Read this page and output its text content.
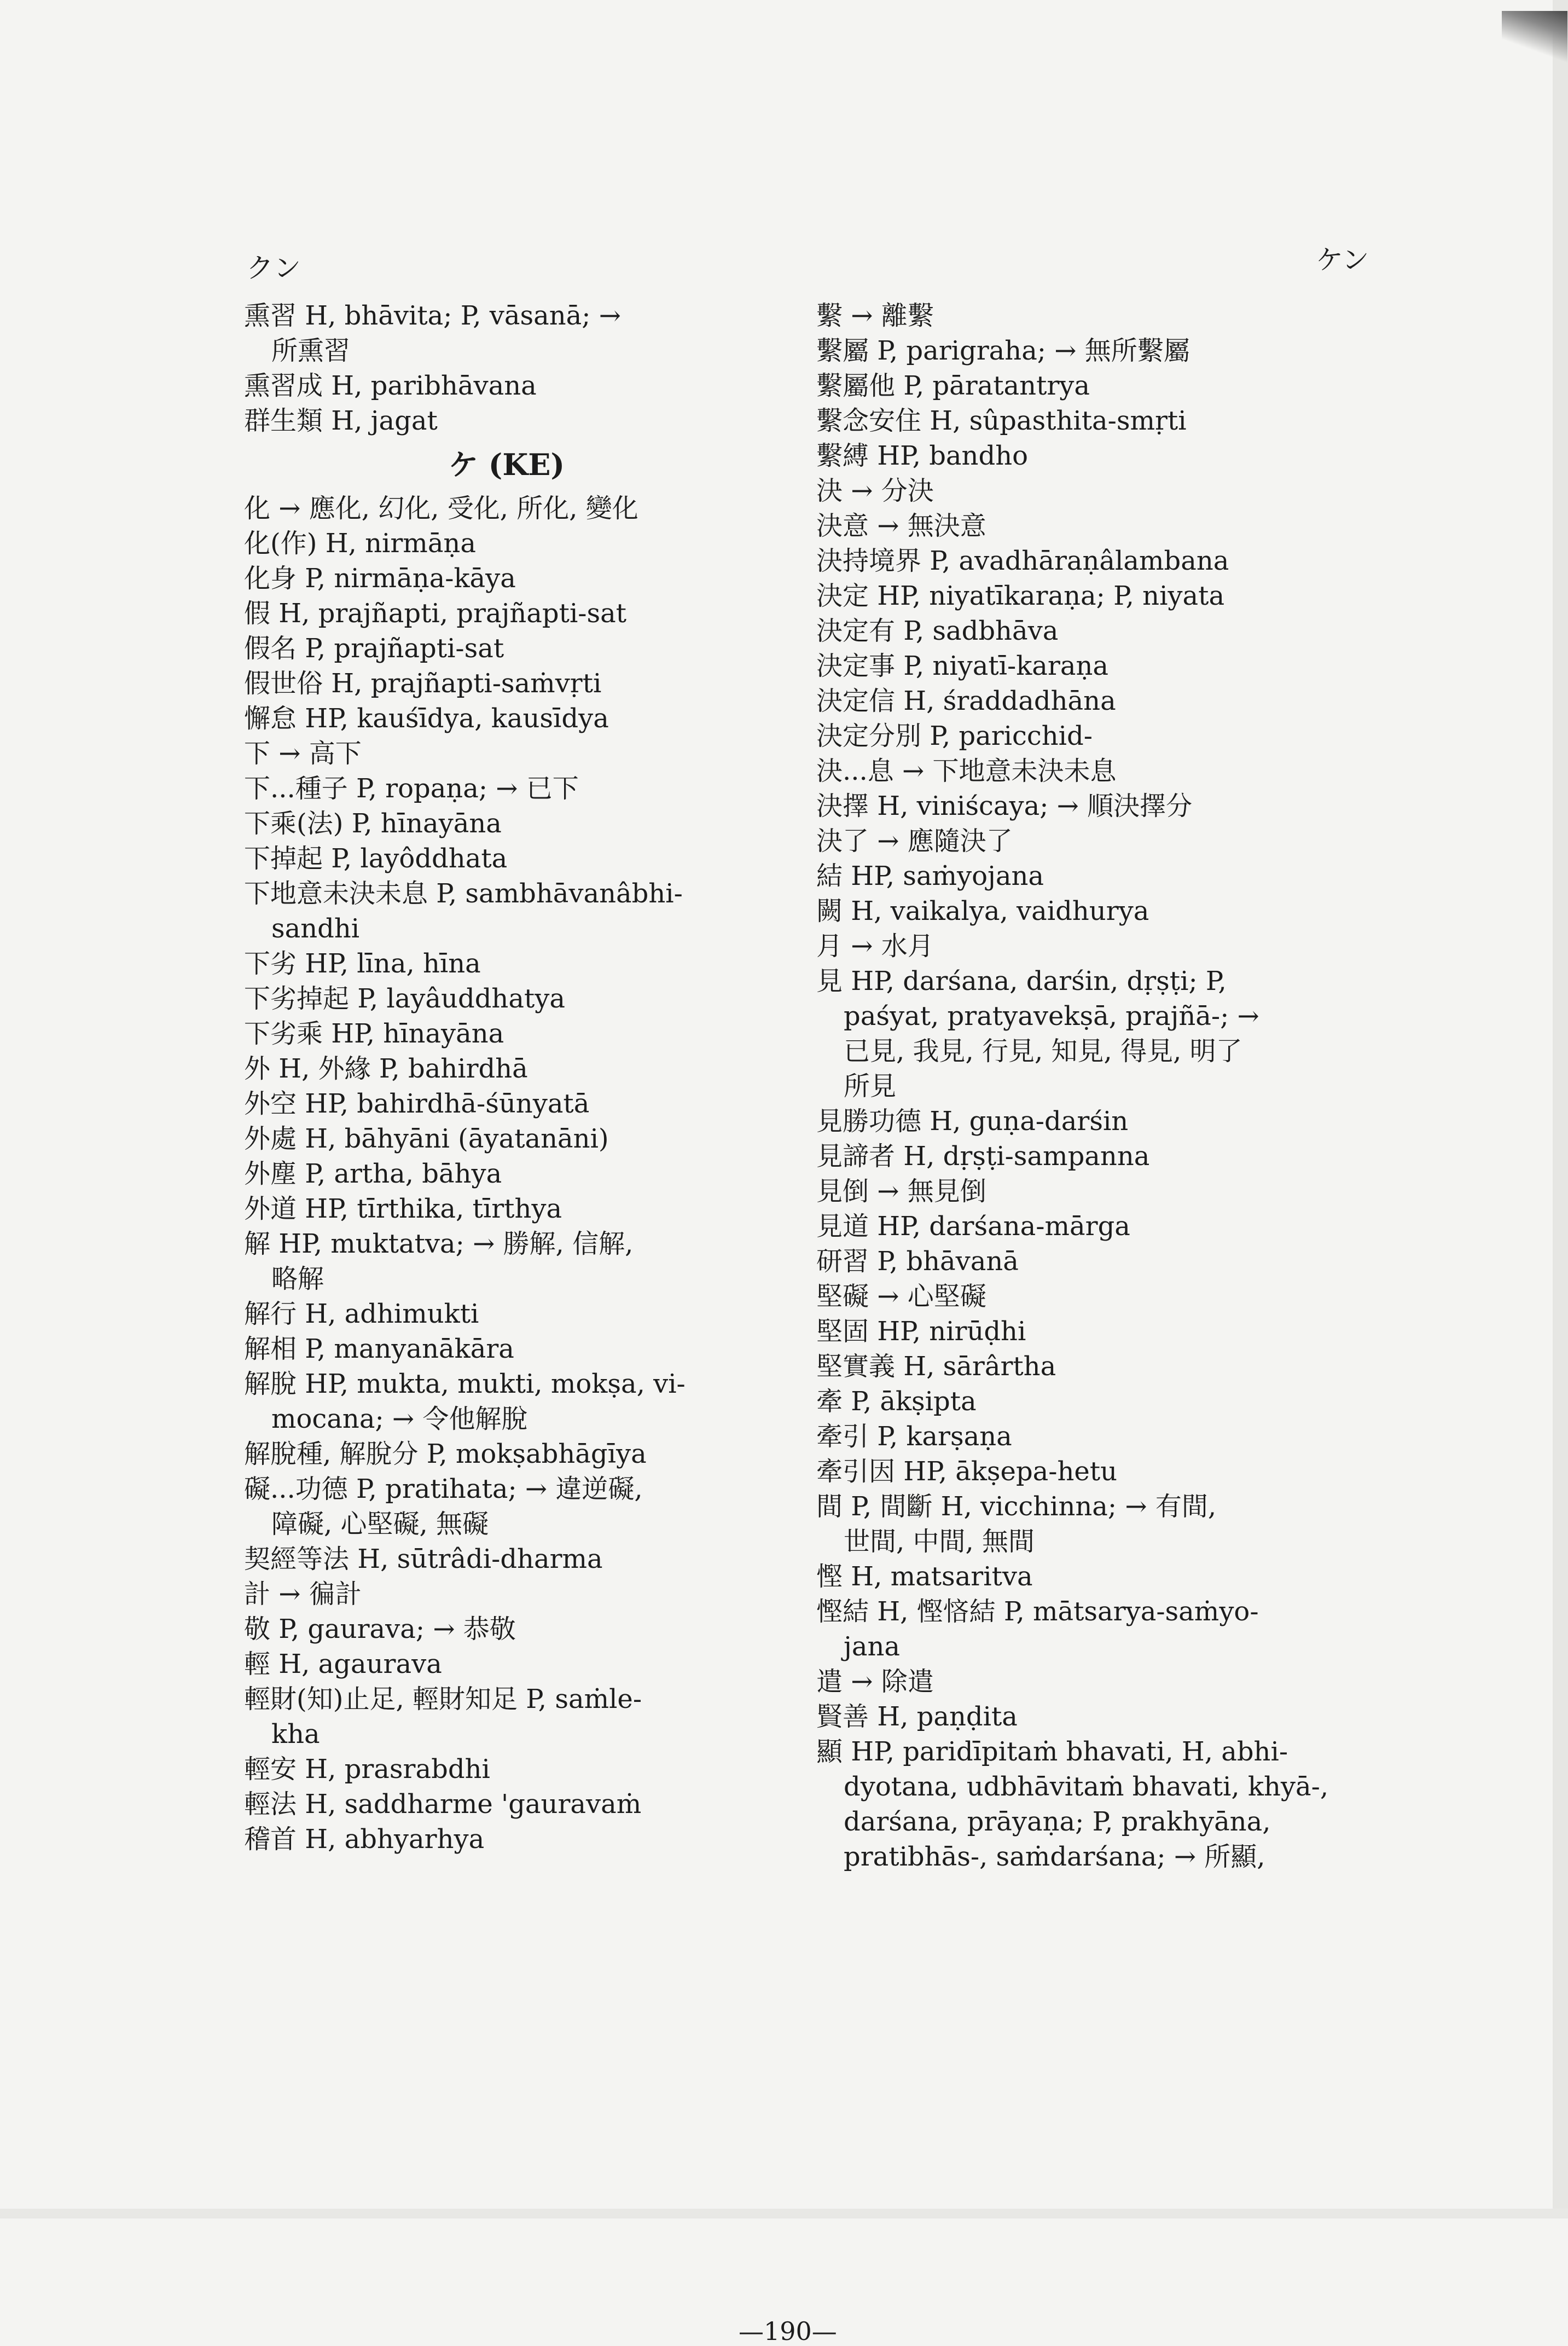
クン	ケン
熏習 H, bhāvita; P, vāsanā; →
所熏習
熏習成 H, paribhāvana
群生類 H, jagat
ケ (KE)
化 → 應化, 幻化, 受化, 所化, 變化
化(作) H, nirmāṇa
化身 P, nirmāṇa-kāya
假 H, prajñapti, prajñapti-sat
假名 P, prajñapti-sat
假世俗 H, prajñapti-saṁvṛti
懈怠 HP, kauśīdya, kausīdya
下 → 高下
下...種子 P, ropaṇa; → 已下
下乘(法) P, hīnayāna
下掉起 P, layôddhata
下地意未決未息 P, sambhāvanâbhi-
sandhi
下劣 HP, līna, hīna
下劣掉起 P, layâuddhatya
下劣乘 HP, hīnayāna
外 H, 外緣 P, bahirdhā
外空 HP, bahirdhā-śūnyatā
外處 H, bāhyāni (āyatanāni)
外塵 P, artha, bāhya
外道 HP, tīrthika, tīrthya
解 HP, muktatva; → 勝解, 信解,
略解
解行 H, adhimukti
解相 P, manyanākāra
解脫 HP, mukta, mukti, mokṣa, vi-
mocana; → 令他解脫
解脫種, 解脫分 P, mokṣabhāgīya
礙...功德 P, pratihata; → 違逆礙,
障礙, 心堅礙, 無礙
契經等法 H, sūtrâdi-dharma
計 → 徧計
敬 P, gaurava; → 恭敬
輕 H, agaurava
輕財(知)止足, 輕財知足 P, saṁle-
kha
輕安 H, prasrabdhi
輕法 H, saddharme 'gauravaṁ
稽首 H, abhyarhya
繫 → 離繫
繫屬 P, parigraha; → 無所繫屬
繫屬他 P, pāratantrya
繫念安住 H, sûpasthita-smṛti
繫縛 HP, bandho
決 → 分決
決意 → 無決意
決持境界 P, avadhāraṇâlambana
決定 HP, niyatīkaraṇa; P, niyata
決定有 P, sadbhāva
決定事 P, niyatī-karaṇa
決定信 H, śraddadhāna
決定分別 P, paricchid-
決...息 → 下地意未決未息
決擇 H, viniścaya; → 順決擇分
決了 → 應隨決了
結 HP, saṁyojana
闕 H, vaikalya, vaidhurya
月 → 水月
見 HP, darśana, darśin, dṛṣṭi; P,
paśyat, pratyavekṣā, prajñā-; →
已見, 我見, 行見, 知見, 得見, 明了
所見
見勝功德 H, guṇa-darśin
見諦者 H, dṛṣṭi-sampanna
見倒 → 無見倒
見道 HP, darśana-mārga
研習 P, bhāvanā
堅礙 → 心堅礙
堅固 HP, nirūḍhi
堅實義 H, sārârtha
牽 P, ākṣipta
牽引 P, karṣaṇa
牽引因 HP, ākṣepa-hetu
間 P, 間斷 H, vicchinna; → 有間,
世間, 中間, 無間
慳 H, matsaritva
慳結 H, 慳悋結 P, mātsarya-saṁyo-
jana
遣 → 除遣
賢善 H, paṇḍita
顯 HP, paridīpitaṁ bhavati, H, abhi-
dyotana, udbhāvitaṁ bhavati, khyā-,
darśana, prāyaṇa; P, prakhyāna,
pratibhās-, saṁdarśana; → 所顯,
—190—
